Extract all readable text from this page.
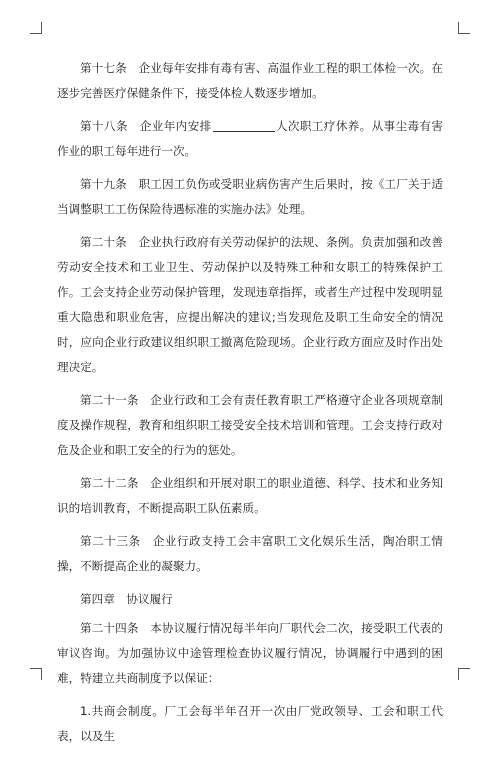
第十七条　企业每年安排有毒有害、高温作业工程的职工体检一次。在逐步完善医疗保健条件下，接受体检人数逐步增加。

第十八条　企业年内安排	人次职工疗休养。从事尘毒有害作业的职工每年进行一次。

第十九条　职工因工负伤或受职业病伤害产生后果时，按《工厂关于适当调整职工工伤保险待遇标准的实施办法》处理。

第二十条　企业执行政府有关劳动保护的法规、条例。负责加强和改善劳动安全技术和工业卫生、劳动保护以及特殊工种和女职工的特殊保护工作。工会支持企业劳动保护管理，发现违章指挥，或者生产过程中发现明显重大隐患和职业危害，应提出解决的建议;当发现危及职工生命安全的情况时，应向企业行政建议组织职工撤离危险现场。企业行政方面应及时作出处理决定。

第二十一条　企业行政和工会有责任教育职工严格遵守企业各项规章制度及操作规程，教育和组织职工接受安全技术培训和管理。工会支持行政对危及企业和职工安全的行为的惩处。

第二十二条　企业组织和开展对职工的职业道德、科学、技术和业务知识的培训教育，不断提高职工队伍素质。

第二十三条　企业行政支持工会丰富职工文化娱乐生活，陶冶职工情操，不断提高企业的凝聚力。

第四章　协议履行

第二十四条　本协议履行情况每半年向厂职代会二次，接受职工代表的审议咨询。为加强协议中途管理检查协议履行情况，协调履行中遇到的困难，特建立共商制度予以保证：

1.共商会制度。厂工会每半年召开一次由厂党政领导、工会和职工代表，以及生
